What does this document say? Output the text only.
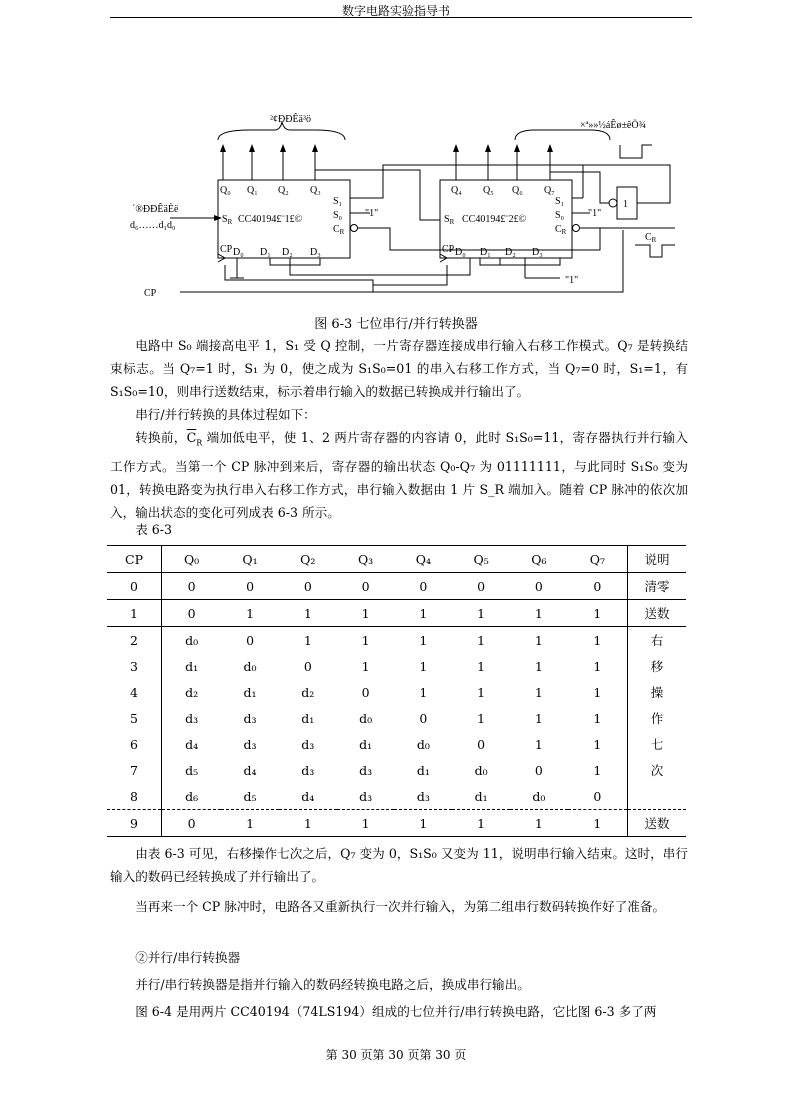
数字电路实验指导书
²¢ÐÐÊä³ö
×ª»»½áÊø±êÖ¾
´®ÐÐÊäÈë
d₆……d₁d₀
CC40194£¨1£©	CC40194£¨2£©
Q₀ Q₁ Q₂ Q₃	Q₄ Q₅ Q₆ Q₇
S₁
S₀
S₁
S₀
$S_R$	$S_R$
$C_R$	$C_R$	$C_R$
CP	CP
D₀ D₁ D₂ D₃	D₀ D₁ D₂ D₃
"1"	"1"
"1"
1
CP
图 6-3 七位串行/并行转换器
电路中 S₀ 端接高电平 1，S₁ 受 Q 控制，一片寄存器连接成串行输入右移工作模式。Q₇ 是转换结束标志。当 Q₇=1 时，S₁ 为 0，使之成为 S₁S₀=01 的串入右移工作方式，当 Q₇=0 时，S₁=1，有 S₁S₀=10，则串行送数结束，标示着串行输入的数据已转换成并行输出了。
串行/并行转换的具体过程如下：
转换前，$\overline{C}_R$ 端加低电平，使 1、2 两片寄存器的内容请 0，此时 S₁S₀=11，寄存器执行并行输入工作方式。当第一个 CP 脉冲到来后，寄存器的输出状态 Q₀-Q₇ 为 01111111，与此同时 S₁S₀ 变为 01，转换电路变为执行串入右移工作方式，串行输入数据由 1 片 S_R 端加入。随着 CP 脉冲的依次加入，输出状态的变化可列成表 6-3 所示。
表 6-3
CP	Q₀	Q₁	Q₂	Q₃	Q₄	Q₅	Q₆	Q₇	说明
0	0	0	0	0	0	0	0	0	清零
1	0	1	1	1	1	1	1	1	送数
2	d₀	0	1	1	1	1	1	1	右
3	d₁	d₀	0	1	1	1	1	1	移
4	d₂	d₁	d₂	0	1	1	1	1	操
5	d₃	d₃	d₁	d₀	0	1	1	1	作
6	d₄	d₃	d₃	d₁	d₀	0	1	1	七
7	d₅	d₄	d₃	d₃	d₁	d₀	0	1	次
8	d₆	d₅	d₄	d₃	d₃	d₁	d₀	0	
9	0	1	1	1	1	1	1	1	送数
由表 6-3 可见，右移操作七次之后，Q₇ 变为 0，S₁S₀ 又变为 11，说明串行输入结束。这时，串行输入的数码已经转换成了并行输出了。
当再来一个 CP 脉冲时，电路各又重新执行一次并行输入，为第二组串行数码转换作好了准备。
②并行/串行转换器
并行/串行转换器是指并行输入的数码经转换电路之后，换成串行输出。
图 6-4 是用两片 CC40194（74LS194）组成的七位并行/串行转换电路，它比图 6-3 多了两
第 30 页第 30 页第 30 页
